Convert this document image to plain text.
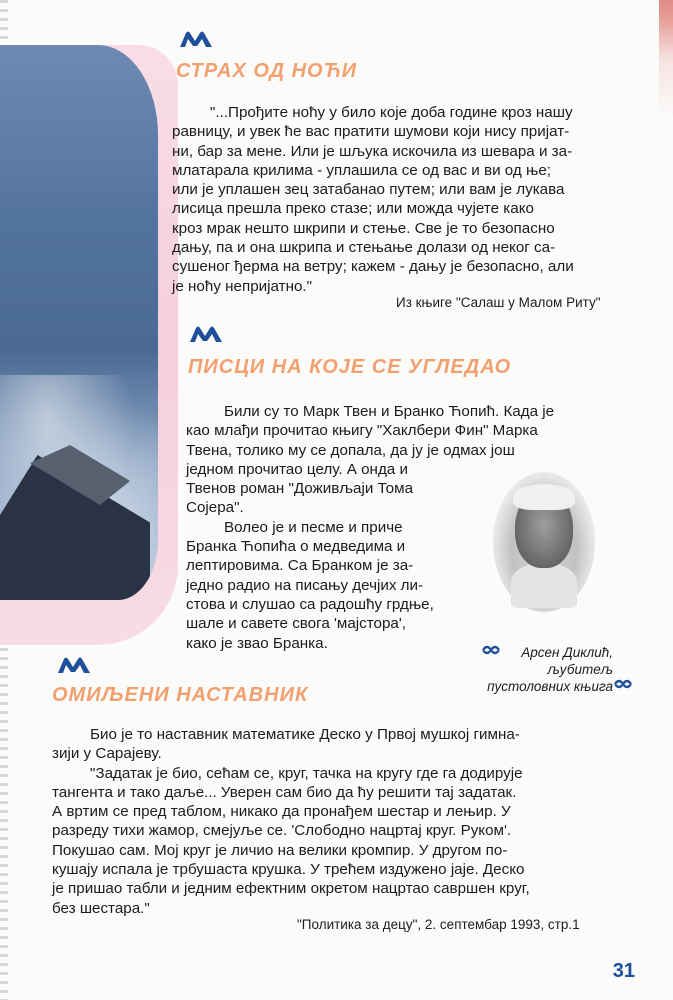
СТРАХ ОД НОЋИ
"...Прођите ноћу у било које доба године кроз нашу
равницу, и увек ће вас пратити шумови који нису пријат-
ни, бар за мене. Или је шљука искочила из шевара и за-
млатарала крилима - уплашила се од вас и ви од ње;
или је уплашен зец затабанао путем; или вам је лукава
лисица прешла преко стазе; или можда чујете како
кроз мрак нешто шкрипи и стење. Све је то безопасно
дању, па и она шкрипа и стењање долази од неког са-
сушеног ђерма на ветру; кажем - дању је безопасно, али
је ноћу непријатно."

Из књиге "Салаш у Малом Риту"

ПИСЦИ НА КОЈЕ СЕ УГЛЕДАО
Били су то Марк Твен и Бранко Ћопић. Када је
као млађи прочитао књигу "Хаклбери Фин" Марка
Твена, толико му се допала, да ју је одмах још
једном прочитао целу. А онда и
Твенов роман "Доживљаји Тома
Сојера".
Волео је и песме и приче
Бранка Ћопића о медведима и
лептировима. Са Бранком је за-
једно радио на писању дечјих ли-
стова и слушао са радошћу грдње,
шале и савете свога 'мајстора',
како је звао Бранка.
Арсен Диклић,
љубитељ
пустоловних књига
ОМИЉЕНИ НАСТАВНИК
Био је то наставник математике Деско у Првој мушкој гимна-
зији у Сарајеву.
"Задатак је био, сећам се, круг, тачка на кругу где га додирује
тангента и тако даље... Уверен сам био да ћу решити тај задатак.
А вртим се пред таблом, никако да пронађем шестар и лењир. У
разреду тихи жамор, смејуље се. 'Слободно нацртај круг. Руком'.
Покушао сам. Мој круг је личио на велики кромпир. У другом по-
кушају испала је трбушаста крушка. У трећем издужено јаје. Деско
је пришао табли и једним ефектним окретом нацртао савршен круг,
без шестара."

"Политика за децу", 2. септембар 1993, стр.1

31
